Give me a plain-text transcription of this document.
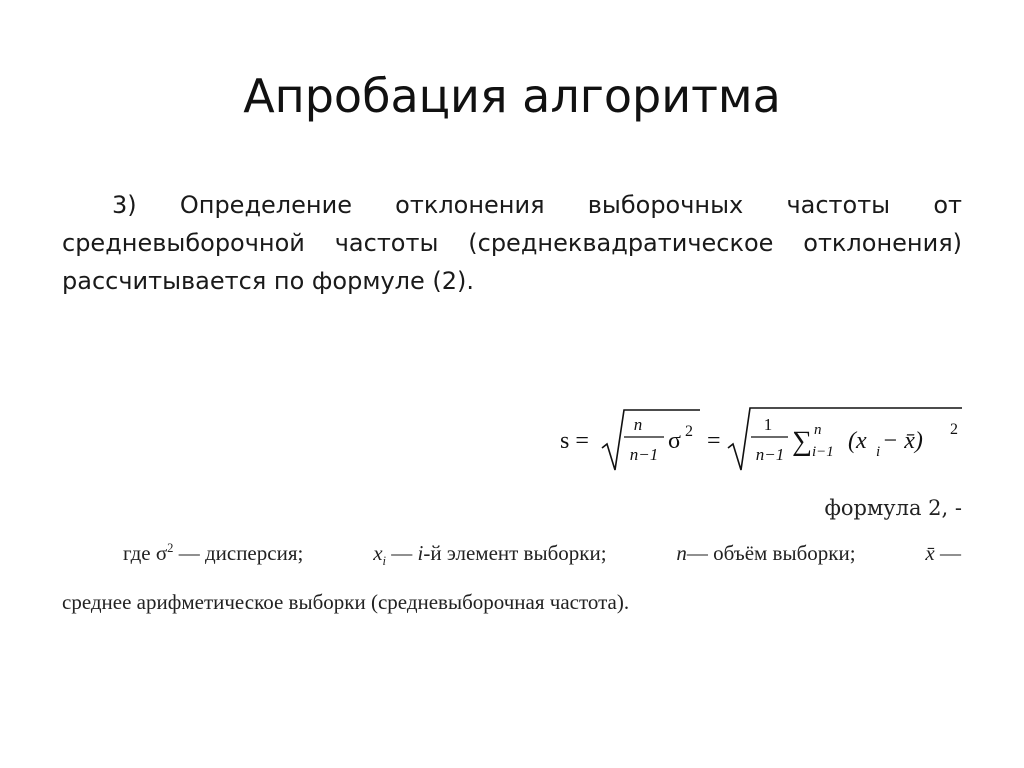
Апробация алгоритма
3) Определение отклонения выборочных частоты от средневыборочной частоты (среднеквадратическое отклонения) рассчитывается по формуле (2).
s =
n
n−1
σ 2 =
1
n−1 ∑ n
i−1 (x i − x̄) 2
формула 2, -
где $\sigma^2$ — дисперсия;	$x_i$ — i-й элемент выборки;	n— объём выборки;	x̄ —
среднее арифметическое выборки (средневыборочная частота).
